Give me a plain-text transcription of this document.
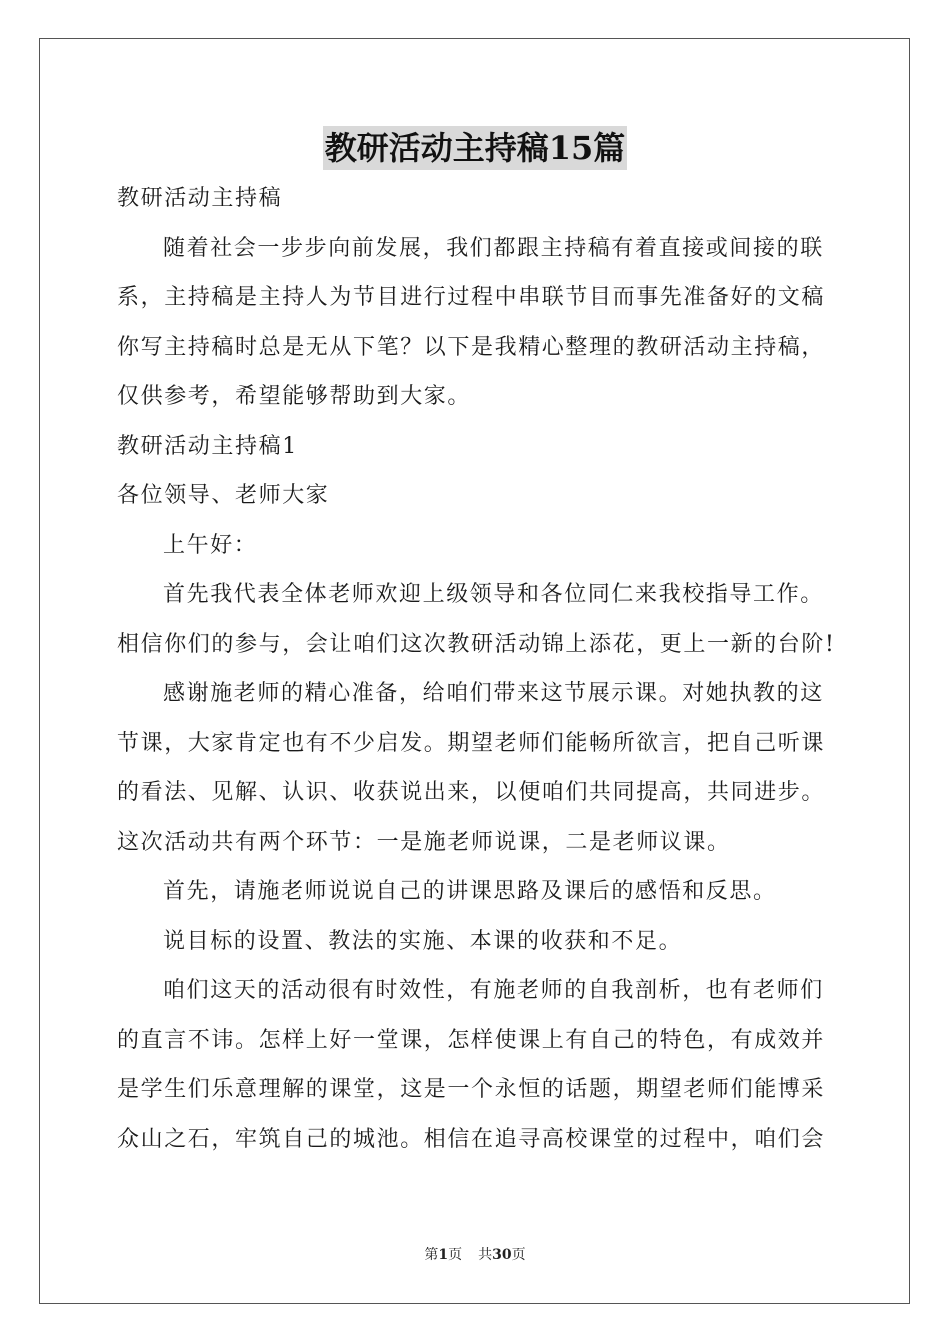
教研活动主持稿15篇
教研活动主持稿
随着社会一步步向前发展，我们都跟主持稿有着直接或间接的联
系，主持稿是主持人为节目进行过程中串联节目而事先准备好的文稿
你写主持稿时总是无从下笔？以下是我精心整理的教研活动主持稿，
仅供参考，希望能够帮助到大家。
教研活动主持稿1
各位领导、老师大家
上午好：
首先我代表全体老师欢迎上级领导和各位同仁来我校指导工作。
相信你们的参与，会让咱们这次教研活动锦上添花，更上一新的台阶!
感谢施老师的精心准备，给咱们带来这节展示课。对她执教的这
节课，大家肯定也有不少启发。期望老师们能畅所欲言，把自己听课
的看法、见解、认识、收获说出来，以便咱们共同提高，共同进步。
这次活动共有两个环节：一是施老师说课，二是老师议课。
首先，请施老师说说自己的讲课思路及课后的感悟和反思。
说目标的设置、教法的实施、本课的收获和不足。
咱们这天的活动很有时效性，有施老师的自我剖析，也有老师们
的直言不讳。怎样上好一堂课，怎样使课上有自己的特色，有成效并
是学生们乐意理解的课堂，这是一个永恒的话题，期望老师们能博采
众山之石，牢筑自己的城池。相信在追寻高校课堂的过程中，咱们会
第1页 共30页
